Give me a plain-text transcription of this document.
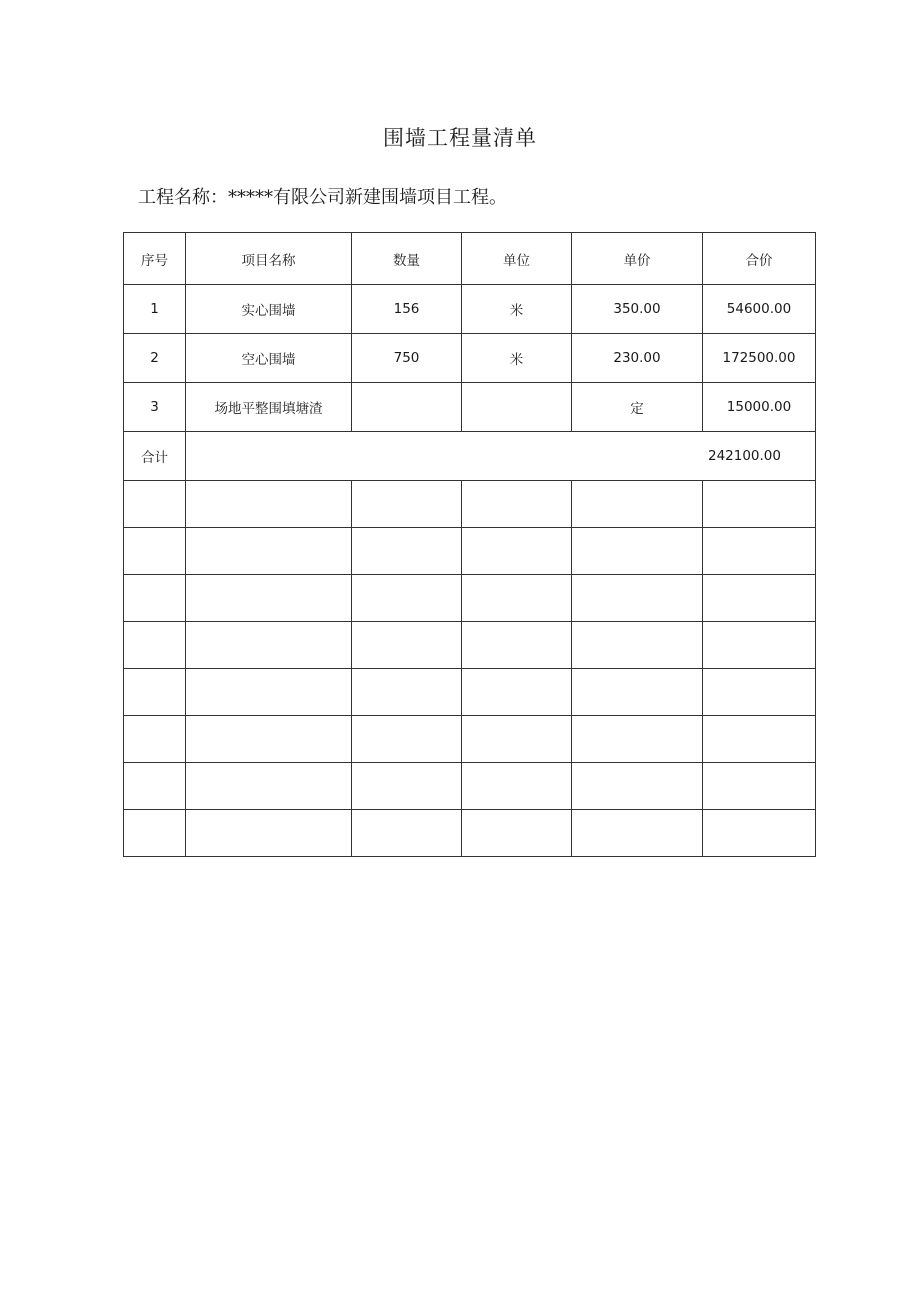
围墙工程量清单
工程名称：*****有限公司新建围墙项目工程。
序号	项目名称	数量	单位	单价	合价
1	实心围墙	156	米	350.00	54600.00
2	空心围墙	750	米	230.00	172500.00
3	场地平整围填塘渣			定	15000.00
合计	242100.00				
